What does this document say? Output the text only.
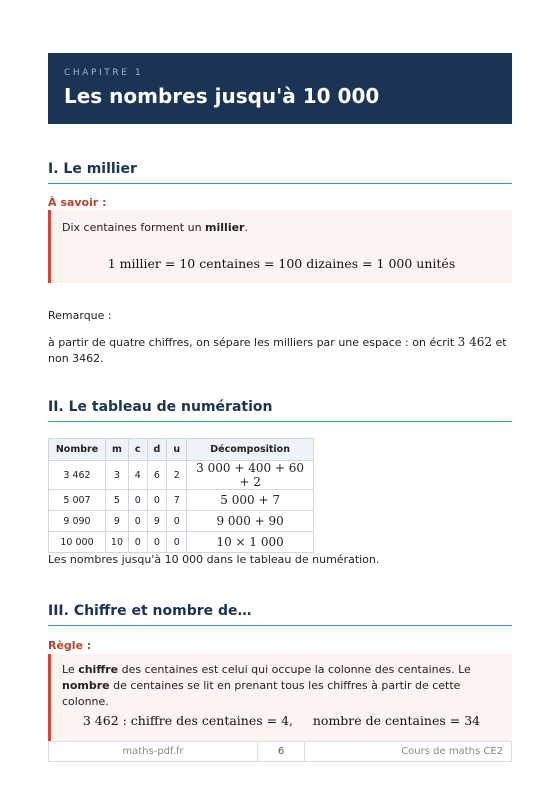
CHAPITRE 1
Les nombres jusqu'à 10 000
I. Le millier
À savoir :
Dix centaines forment un millier.
1 millier = 10 centaines = 100 dizaines = 1 000 unités
Remarque :
à partir de quatre chiffres, on sépare les milliers par une espace : on écrit 3 462 et non 3462.
II. Le tableau de numération
Nombre	m	c	d	u	Décomposition
3 462	3	4	6	2	3 000 + 400 + 60 + 2
5 007	5	0	0	7	5 000 + 7
9 090	9	0	9	0	9 000 + 90
10 000	10	0	0	0	10 × 1 000
Les nombres jusqu'à 10 000 dans le tableau de numération.
III. Chiffre et nombre de…
Règle :
Le chiffre des centaines est celui qui occupe la colonne des centaines. Le nombre de centaines se lit en prenant tous les chiffres à partir de cette colonne.
3 462 : chiffre des centaines = 4,     nombre de centaines = 34
maths-pdf.fr	6	Cours de maths CE2
